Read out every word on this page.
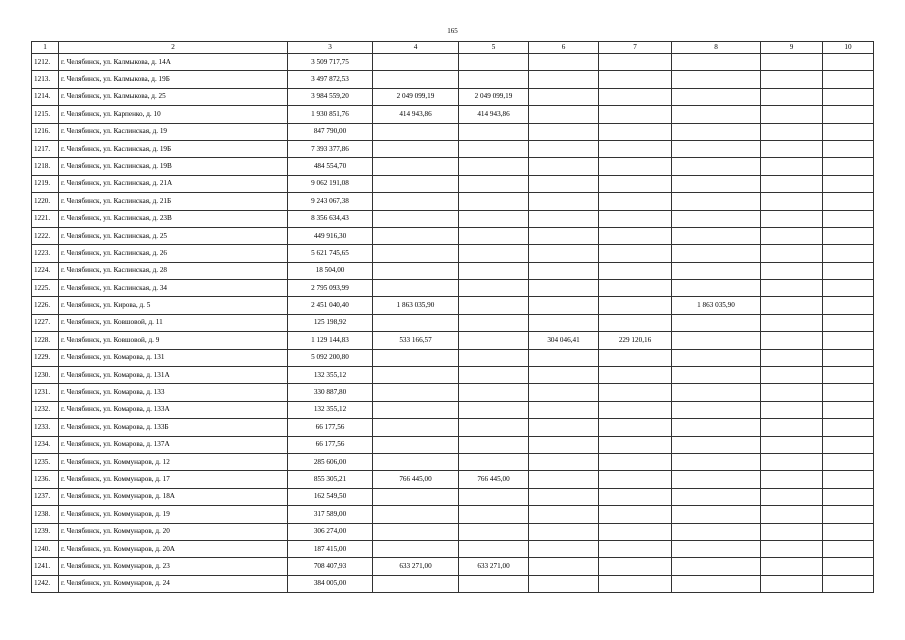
165
1	2	3	4	5	6	7	8	9	10
1212.	г. Челябинск, ул. Калмыкова, д. 14А	3 509 717,75							
1213.	г. Челябинск, ул. Калмыкова, д. 19Б	3 497 872,53							
1214.	г. Челябинск, ул. Калмыкова, д. 25	3 984 559,20	2 049 099,19	2 049 099,19					
1215.	г. Челябинск, ул. Карпенко, д. 10	1 930 851,76	414 943,86	414 943,86					
1216.	г. Челябинск, ул. Каслинская, д. 19	847 790,00							
1217.	г. Челябинск, ул. Каслинская, д. 19Б	7 393 377,86							
1218.	г. Челябинск, ул. Каслинская, д. 19В	484 554,70							
1219.	г. Челябинск, ул. Каслинская, д. 21А	9 062 191,08							
1220.	г. Челябинск, ул. Каслинская, д. 21Б	9 243 067,38							
1221.	г. Челябинск, ул. Каслинская, д. 23В	8 356 634,43							
1222.	г. Челябинск, ул. Каслинская, д. 25	449 916,30							
1223.	г. Челябинск, ул. Каслинская, д. 26	5 621 745,65							
1224.	г. Челябинск, ул. Каслинская, д. 28	18 504,00							
1225.	г. Челябинск, ул. Каслинская, д. 34	2 795 093,99							
1226.	г. Челябинск, ул. Кирова, д. 5	2 451 040,40	1 863 035,90				1 863 035,90		
1227.	г. Челябинск, ул. Ковшовой, д. 11	125 198,92							
1228.	г. Челябинск, ул. Ковшовой, д. 9	1 129 144,83	533 166,57		304 046,41	229 120,16			
1229.	г. Челябинск, ул. Комарова, д. 131	5 092 200,80							
1230.	г. Челябинск, ул. Комарова, д. 131А	132 355,12							
1231.	г. Челябинск, ул. Комарова, д. 133	330 887,80							
1232.	г. Челябинск, ул. Комарова, д. 133А	132 355,12							
1233.	г. Челябинск, ул. Комарова, д. 133Б	66 177,56							
1234.	г. Челябинск, ул. Комарова, д. 137А	66 177,56							
1235.	г. Челябинск, ул. Коммунаров, д. 12	285 606,00							
1236.	г. Челябинск, ул. Коммунаров, д. 17	855 305,21	766 445,00	766 445,00					
1237.	г. Челябинск, ул. Коммунаров, д. 18А	162 549,50							
1238.	г. Челябинск, ул. Коммунаров, д. 19	317 589,00							
1239.	г. Челябинск, ул. Коммунаров, д. 20	306 274,00							
1240.	г. Челябинск, ул. Коммунаров, д. 20А	187 415,00							
1241.	г. Челябинск, ул. Коммунаров, д. 23	708 407,93	633 271,00	633 271,00					
1242.	г. Челябинск, ул. Коммунаров, д. 24	384 005,00							
